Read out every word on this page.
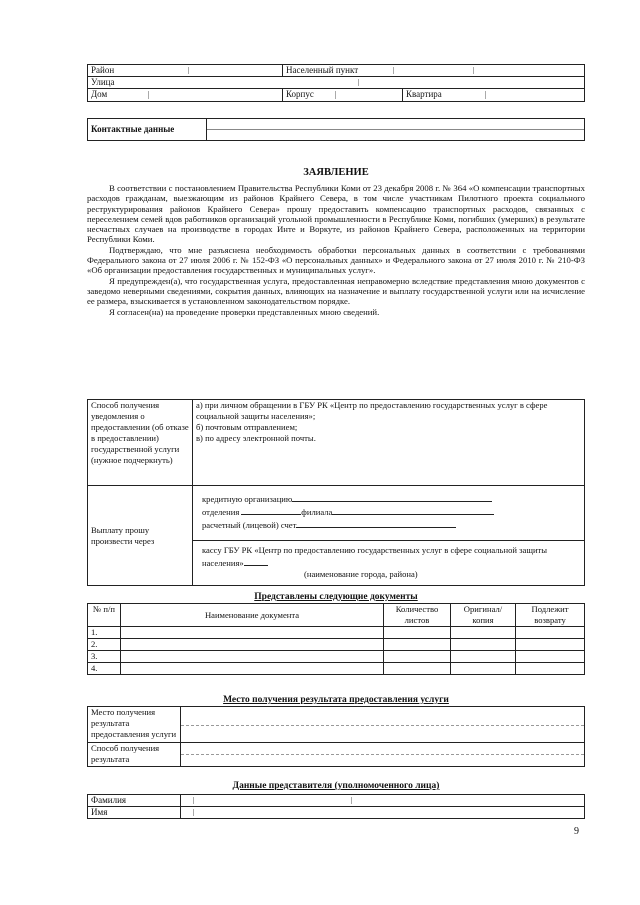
Район	Населенный пункт

Улица	

Дом	Корпус Квартира
Контактные данные	
ЗАЯВЛЕНИЕ

В соответствии с постановлением Правительства Республики Коми от 23 декабря 2008 г. № 364 «О компенсации транспортных расходов гражданам, выезжающим из районов Крайнего Севера, в том числе участникам Пилотного проекта социального реструктурирования районов Крайнего Севера» прошу предоставить компенсацию транспортных расходов, связанных с переселением семей вдов работников организаций угольной промышленности в Республике Коми, погибших (умерших) в результате несчастных случаев на производстве в городах Инте и Воркуте, из районов Крайнего Севера, расположенных на территории Республики Коми.

Подтверждаю, что мне разъяснена необходимость обработки персональных данных в соответствии с требованиями Федерального закона от 27 июля 2006 г. № 152-ФЗ «О персональных данных» и Федерального закона от 27 июля 2010 г. № 210-ФЗ «Об организации предоставления государственных и муниципальных услуг».

Я предупрежден(а), что государственная услуга, предоставленная неправомерно вследствие представления мною документов с заведомо неверными сведениями, сокрытия данных, влияющих на назначение и выплату государственной услуги или на исчисление ее размера, взыскивается в установленном законодательством порядке.

Я согласен(на) на проведение проверки представленных мною сведений.

Способ получения уведомления о предоставлении (об отказе в предоставлении) государственной услуги (нужное подчеркнуть)	а) при личном обращении в ГБУ РК «Центр по предоставлению государственных услуг в сфере социальной защиты населения»;
б) почтовым отправлением;
в) по адресу электронной почты.

Выплату прошу произвести через	кредитную организацию
отделения филиала
расчетный (лицевой) счет

	кассу ГБУ РК «Центр по предоставлению государственных услуг в сфере социальной защиты населения»
(наименование города, района)
Представлены следующие документы
№ п/п	Наименование документа	Количество листов	Оригинал/копия	Подлежит возврату
1.				
2.				
3.				
4.				
Место получения результата предоставления услуги
Место получения результата предоставления услуги	

Способ получения результата	
Данные представителя (уполномоченного лица)
Фамилия	

Имя	
9
